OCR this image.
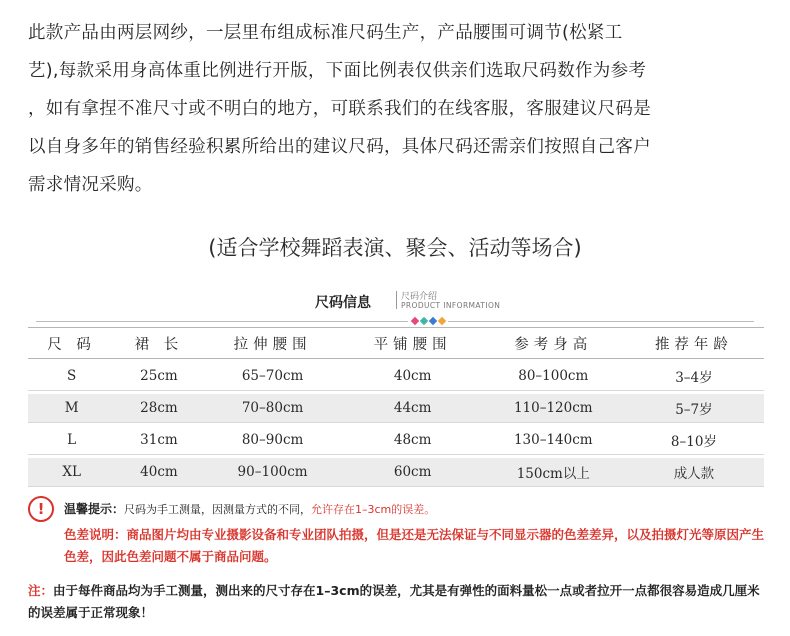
此款产品由两层网纱，一层里布组成标准尺码生产，产品腰围可调节(松紧工

艺),每款采用身高体重比例进行开版，下面比例表仅供亲们选取尺码数作为参考

，如有拿捏不准尺寸或不明白的地方，可联系我们的在线客服，客服建议尺码是

以自身多年的销售经验积累所给出的建议尺码，具体尺码还需亲们按照自己客户

需求情况采购。

(适合学校舞蹈表演、聚会、活动等场合)
尺码信息	尺码介绍
PRODUCT INFORMATION
尺 码	裙 长	拉伸腰围	平铺腰围	参考身高	推荐年龄
S	25cm	65–70cm	40cm	80–100cm	3–4岁
M	28cm	70–80cm	44cm	110–120cm	5–7岁
L	31cm	80–90cm	48cm	130–140cm	8–10岁
XL	40cm	90–100cm	60cm	150cm以上	成人款
!	温馨提示：尺码为手工测量，因测量方式的不同，允许存在1–3cm的误差。
色差说明：商品图片均由专业摄影设备和专业团队拍摄，但是还是无法保证与不同显示器的色差差异，以及拍摄灯光等原因产生色差，因此色差问题不属于商品问题。
注：由于每件商品均为手工测量，测出来的尺寸存在1–3cm的误差，尤其是有弹性的面料量松一点或者拉开一点都很容易造成几厘米的误差属于正常现象！
